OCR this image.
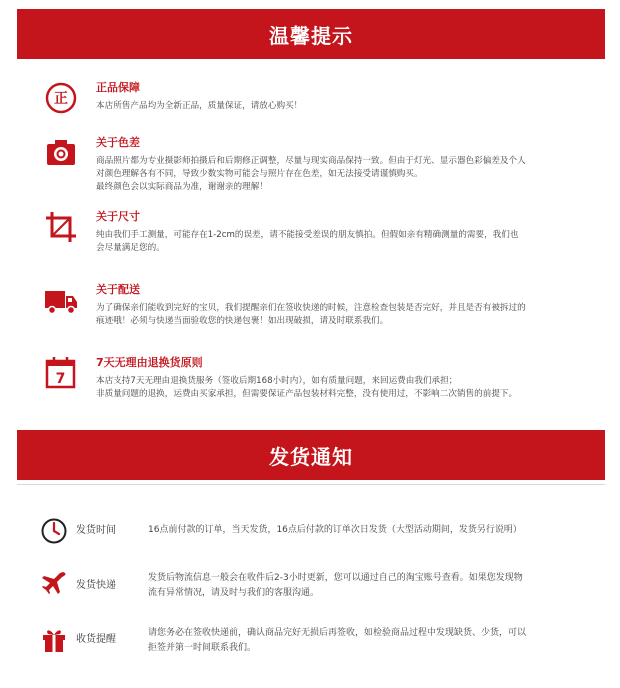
温馨提示
正
正品保障
本店所售产品均为全新正品，质量保证，请放心购买！
关于色差
商品照片都为专业摄影师拍摄后和后期修正调整，尽量与现实商品保持一致。但由于灯光、显示器色彩偏差及个人
对颜色理解各有不同，导致少数实物可能会与照片存在色差，如无法接受请谨慎购买。
最终颜色会以实际商品为准，谢谢亲的理解！
关于尺寸
纯由我们手工测量，可能存在1-2cm的误差，请不能接受差误的朋友慎拍。但假如亲有精确测量的需要，我们也
会尽量满足您的。
关于配送
为了确保亲们能收到完好的宝贝，我们提醒亲们在签收快递的时候，注意检查包装是否完好，并且是否有被拆过的
痕迹哦！必须与快递当面验收您的快递包裹！如出现破损，请及时联系我们。
7
7天无理由退换货原则
本店支持7天无理由退换货服务（签收后期168小时内），如有质量问题，来回运费由我们承担；
非质量问题的退换，运费由买家承担，但需要保证产品包装材料完整，没有使用过，不影响二次销售的前提下。
发货通知
发货时间	16点前付款的订单，当天发货，16点后付款的订单次日发货（大型活动期间，发货另行说明）
发货快递
发货后物流信息一般会在收件后2-3小时更新，您可以通过自己的淘宝账号查看。如果您发现物
流有异常情况，请及时与我们的客服沟通。
收货提醒
请您务必在签收快递前，确认商品完好无损后再签收，如检验商品过程中发现缺货、少货，可以
拒签并第一时间联系我们。
